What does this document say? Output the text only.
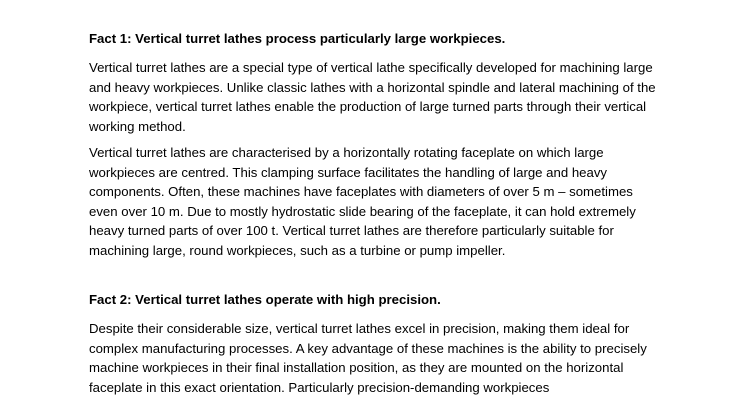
Fact 1: Vertical turret lathes process particularly large workpieces.

Vertical turret lathes are a special type of vertical lathe specifically developed for machining large and heavy workpieces. Unlike classic lathes with a horizontal spindle and lateral machining of the workpiece, vertical turret lathes enable the production of large turned parts through their vertical working method.

Vertical turret lathes are characterised by a horizontally rotating faceplate on which large workpieces are centred. This clamping surface facilitates the handling of large and heavy components. Often, these machines have faceplates with diameters of over 5 m – sometimes even over 10 m. Due to mostly hydrostatic slide bearing of the faceplate, it can hold extremely heavy turned parts of over 100 t. Vertical turret lathes are therefore particularly suitable for machining large, round workpieces, such as a turbine or pump impeller.

Fact 2: Vertical turret lathes operate with high precision.

Despite their considerable size, vertical turret lathes excel in precision, making them ideal for complex manufacturing processes. A key advantage of these machines is the ability to precisely machine workpieces in their final installation position, as they are mounted on the horizontal faceplate in this exact orientation. Particularly precision-demanding workpieces
